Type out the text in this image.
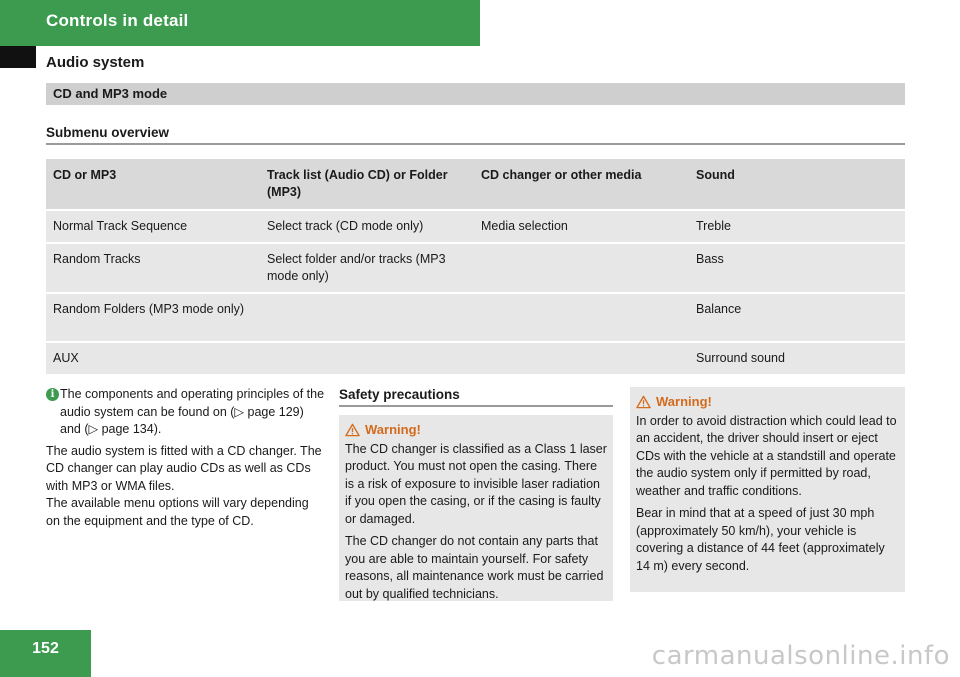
Controls in detail
Audio system
CD and MP3 mode
Submenu overview
CD or MP3	Track list (Audio CD) or Folder (MP3)	CD changer or other media	Sound
Normal Track Sequence	Select track (CD mode only)	Media selection	Treble
Random Tracks	Select folder and/or tracks (MP3 mode only)		Bass
Random Folders (MP3 mode only)			Balance
AUX			Surround sound
i The components and operating principles of the audio system can be found on (▷ page 129) and (▷ page 134).

The audio system is fitted with a CD changer. The CD changer can play audio CDs as well as CDs with MP3 or WMA files.

The available menu options will vary depending on the equipment and the type of CD.

Safety precautions
Warning!

The CD changer is classified as a Class 1 laser product. You must not open the casing. There is a risk of exposure to invisible laser radiation if you open the casing, or if the casing is faulty or damaged.

The CD changer do not contain any parts that you are able to maintain yourself. For safety reasons, all maintenance work must be carried out by qualified technicians.

Warning!

In order to avoid distraction which could lead to an accident, the driver should insert or eject CDs with the vehicle at a standstill and operate the audio system only if permitted by road, weather and traffic conditions.

Bear in mind that at a speed of just 30 mph (approximately 50 km/h), your vehicle is covering a distance of 44 feet (approximately 14 m) every second.

152	carmanualsonline.info
